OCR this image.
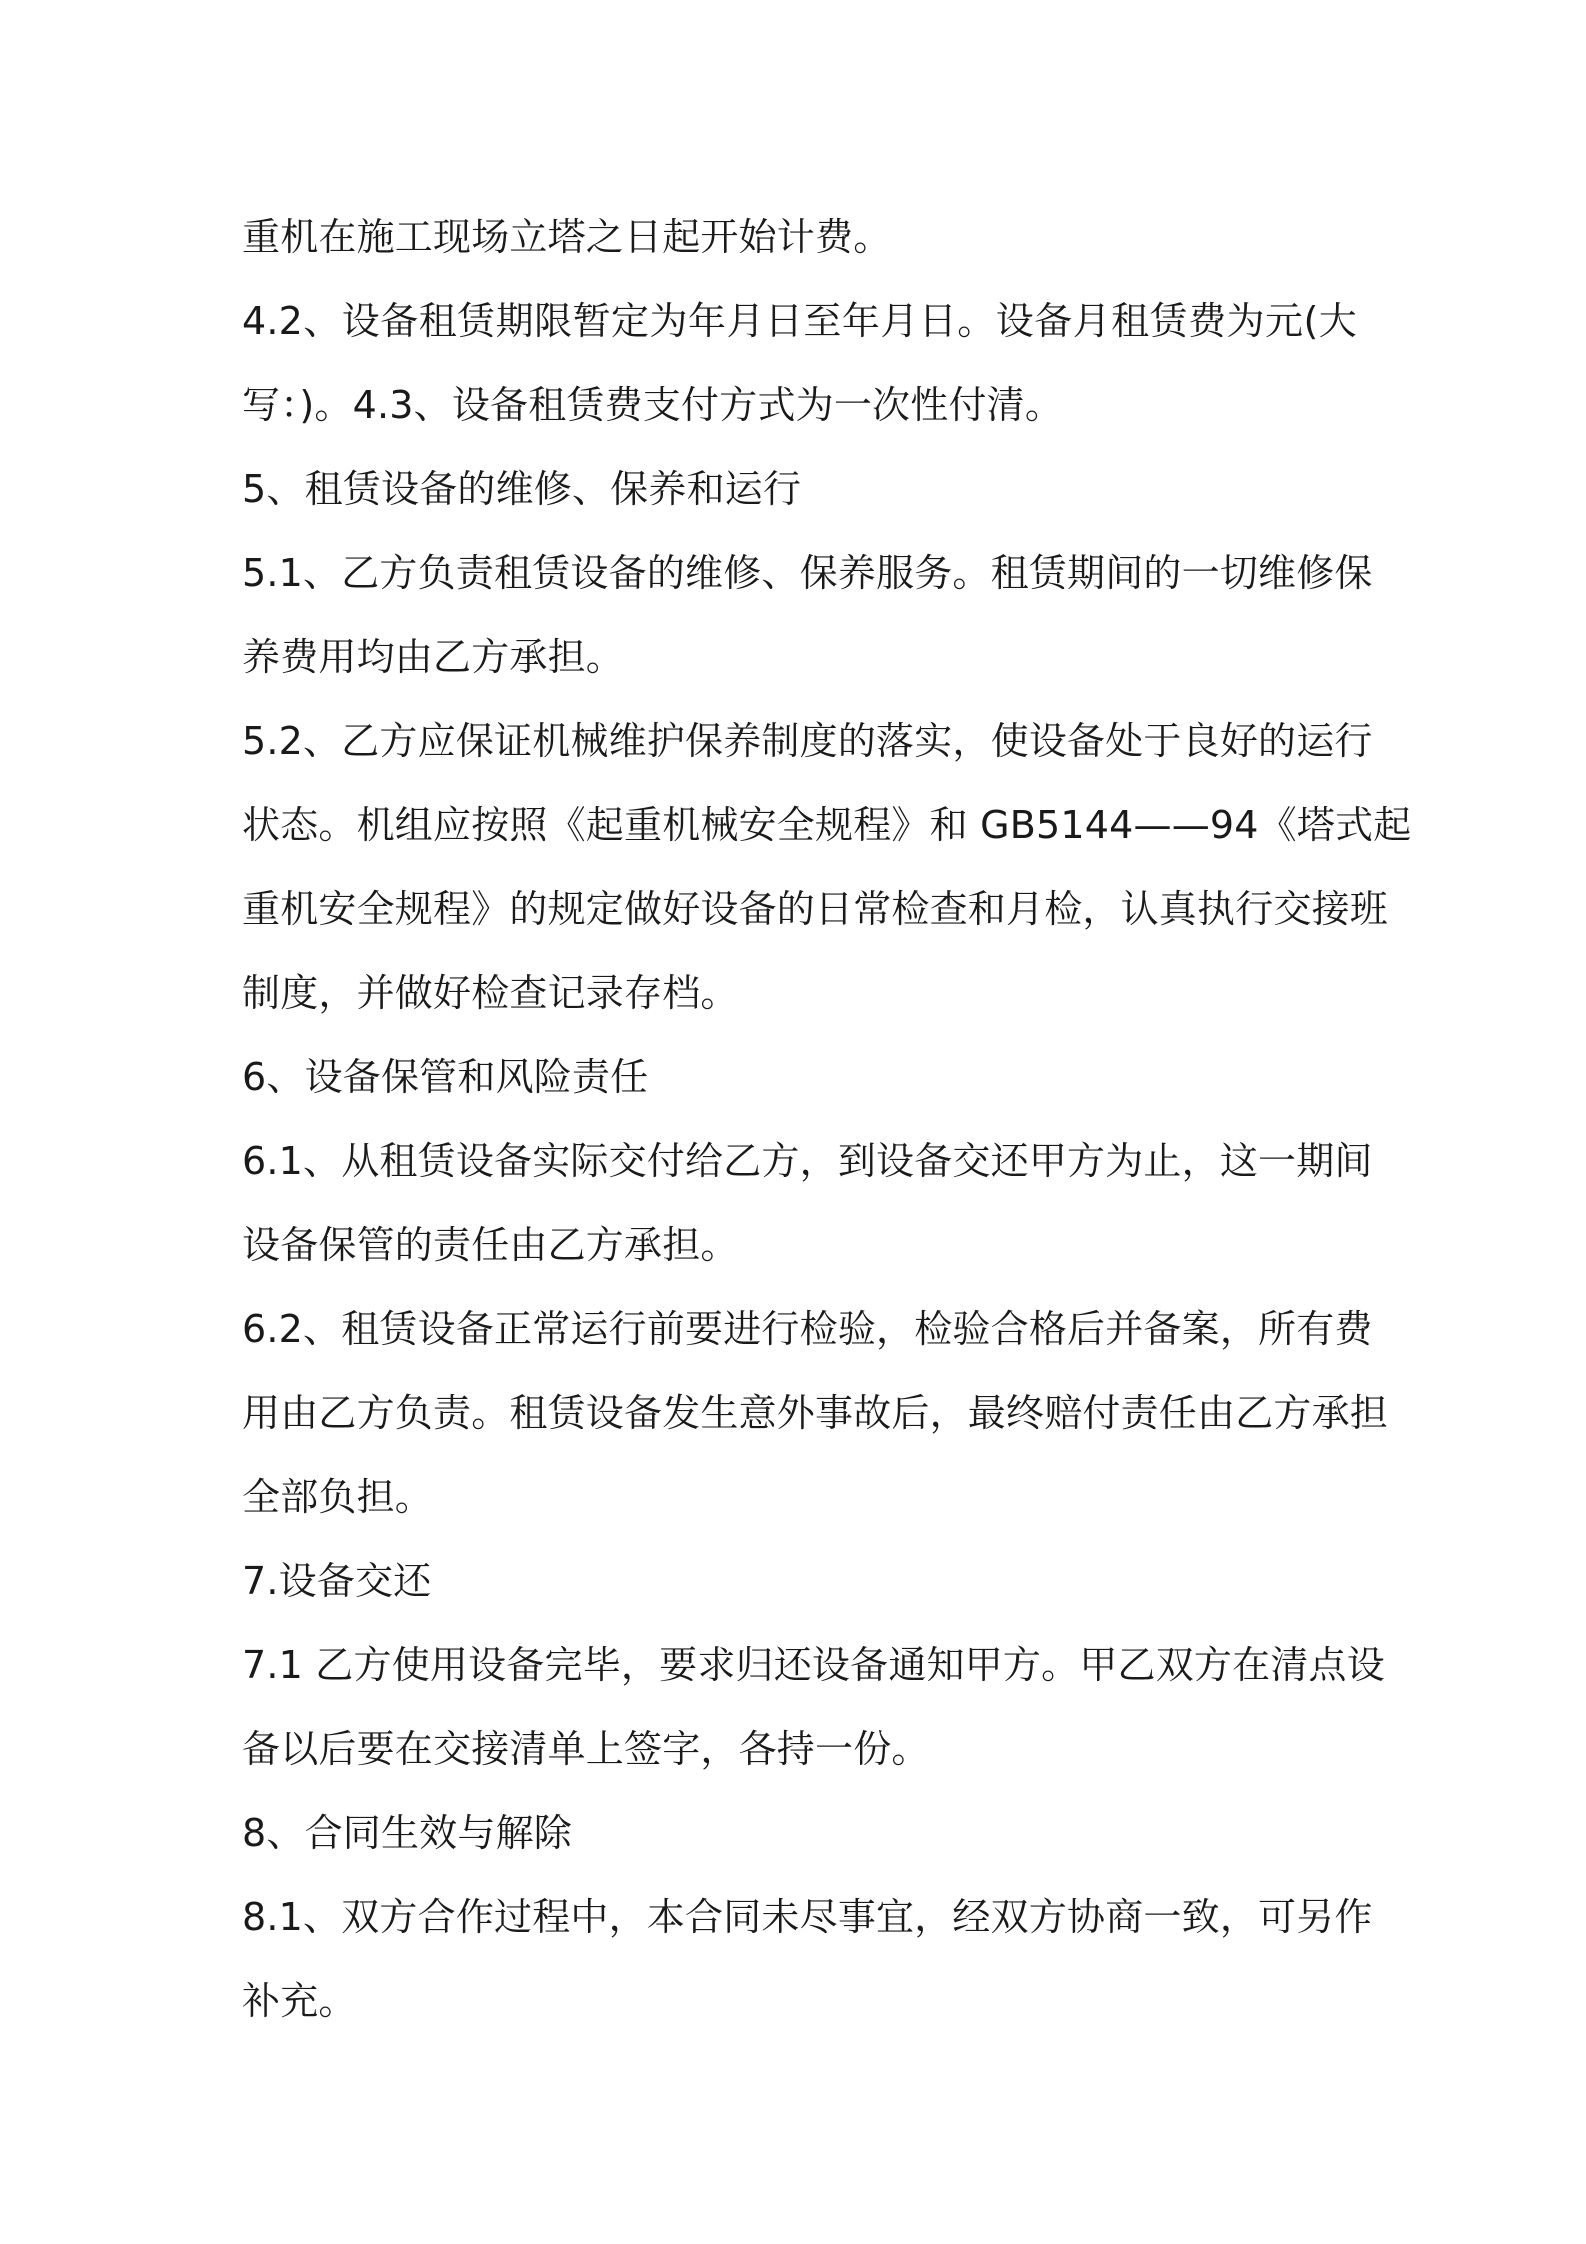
重机在施工现场立塔之日起开始计费。
4.2、设备租赁期限暂定为年月日至年月日。设备月租赁费为元(大
写：)。4.3、设备租赁费支付方式为一次性付清。
5、租赁设备的维修、保养和运行
5.1、乙方负责租赁设备的维修、保养服务。租赁期间的一切维修保
养费用均由乙方承担。
5.2、乙方应保证机械维护保养制度的落实，使设备处于良好的运行
状态。机组应按照《起重机械安全规程》和 GB5144——94《塔式起
重机安全规程》的规定做好设备的日常检查和月检，认真执行交接班
制度，并做好检查记录存档。
6、设备保管和风险责任
6.1、从租赁设备实际交付给乙方，到设备交还甲方为止，这一期间
设备保管的责任由乙方承担。
6.2、租赁设备正常运行前要进行检验，检验合格后并备案，所有费
用由乙方负责。租赁设备发生意外事故后，最终赔付责任由乙方承担
全部负担。
7.设备交还
7.1 乙方使用设备完毕，要求归还设备通知甲方。甲乙双方在清点设
备以后要在交接清单上签字，各持一份。
8、合同生效与解除
8.1、双方合作过程中，本合同未尽事宜，经双方协商一致，可另作
补充。
